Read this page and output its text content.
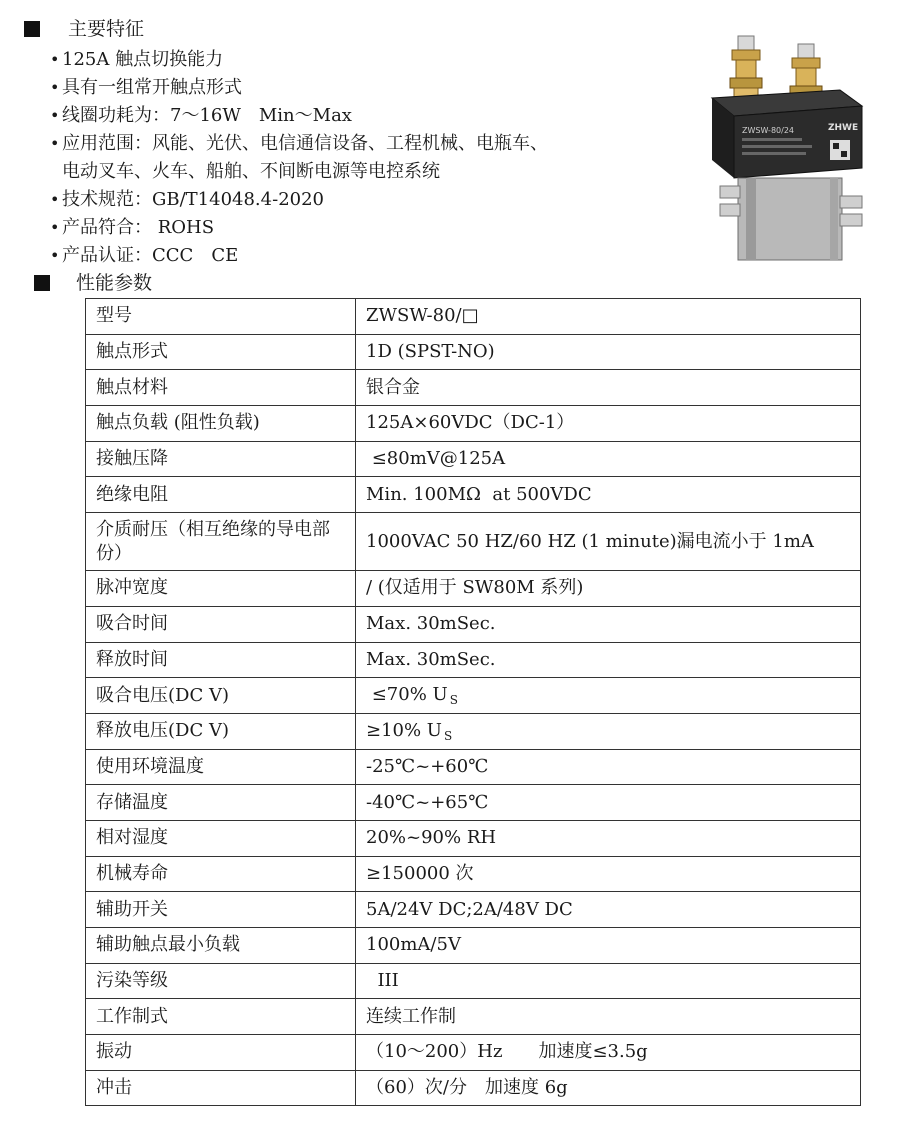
主要特征
• 125A 触点切换能力
• 具有一组常开触点形式
• 线圈功耗为：7～16W　Min～Max
• 应用范围：风能、光伏、电信通信设备、工程机械、电瓶车、
电动叉车、火车、船舶、不间断电源等电控系统
• 技术规范：GB/T14048.4-2020
• 产品符合： ROHS
• 产品认证：CCC　CE
ZWSW-80/24	ZHWE
性能参数
型号	ZWSW-80/□
触点形式	1D (SPST-NO)
触点材料	银合金
触点负载 (阻性负载)	125A×60VDC（DC-1）
接触压降	≤80mV@125A
绝缘电阻	Min. 100MΩ  at 500VDC
介质耐压（相互绝缘的导电部份）	1000VAC 50 HZ/60 HZ (1 minute)漏电流小于 1mA
脉冲宽度	/ (仅适用于 SW80M 系列)
吸合时间	Max. 30mSec.
释放时间	Max. 30mSec.
吸合电压(DC V)	≤70% U $_S$
释放电压(DC V)	≥10% U $_S$
使用环境温度	-25℃~+60℃
存储温度	-40℃~+65℃
相对湿度	20%~90% RH
机械寿命	≥150000 次
辅助开关	5A/24V DC;2A/48V DC
辅助触点最小负载	100mA/5V
污染等级	III
工作制式	连续工作制
振动	（10～200）Hz　　加速度≤3.5g
冲击	（60）次/分　加速度 6g
